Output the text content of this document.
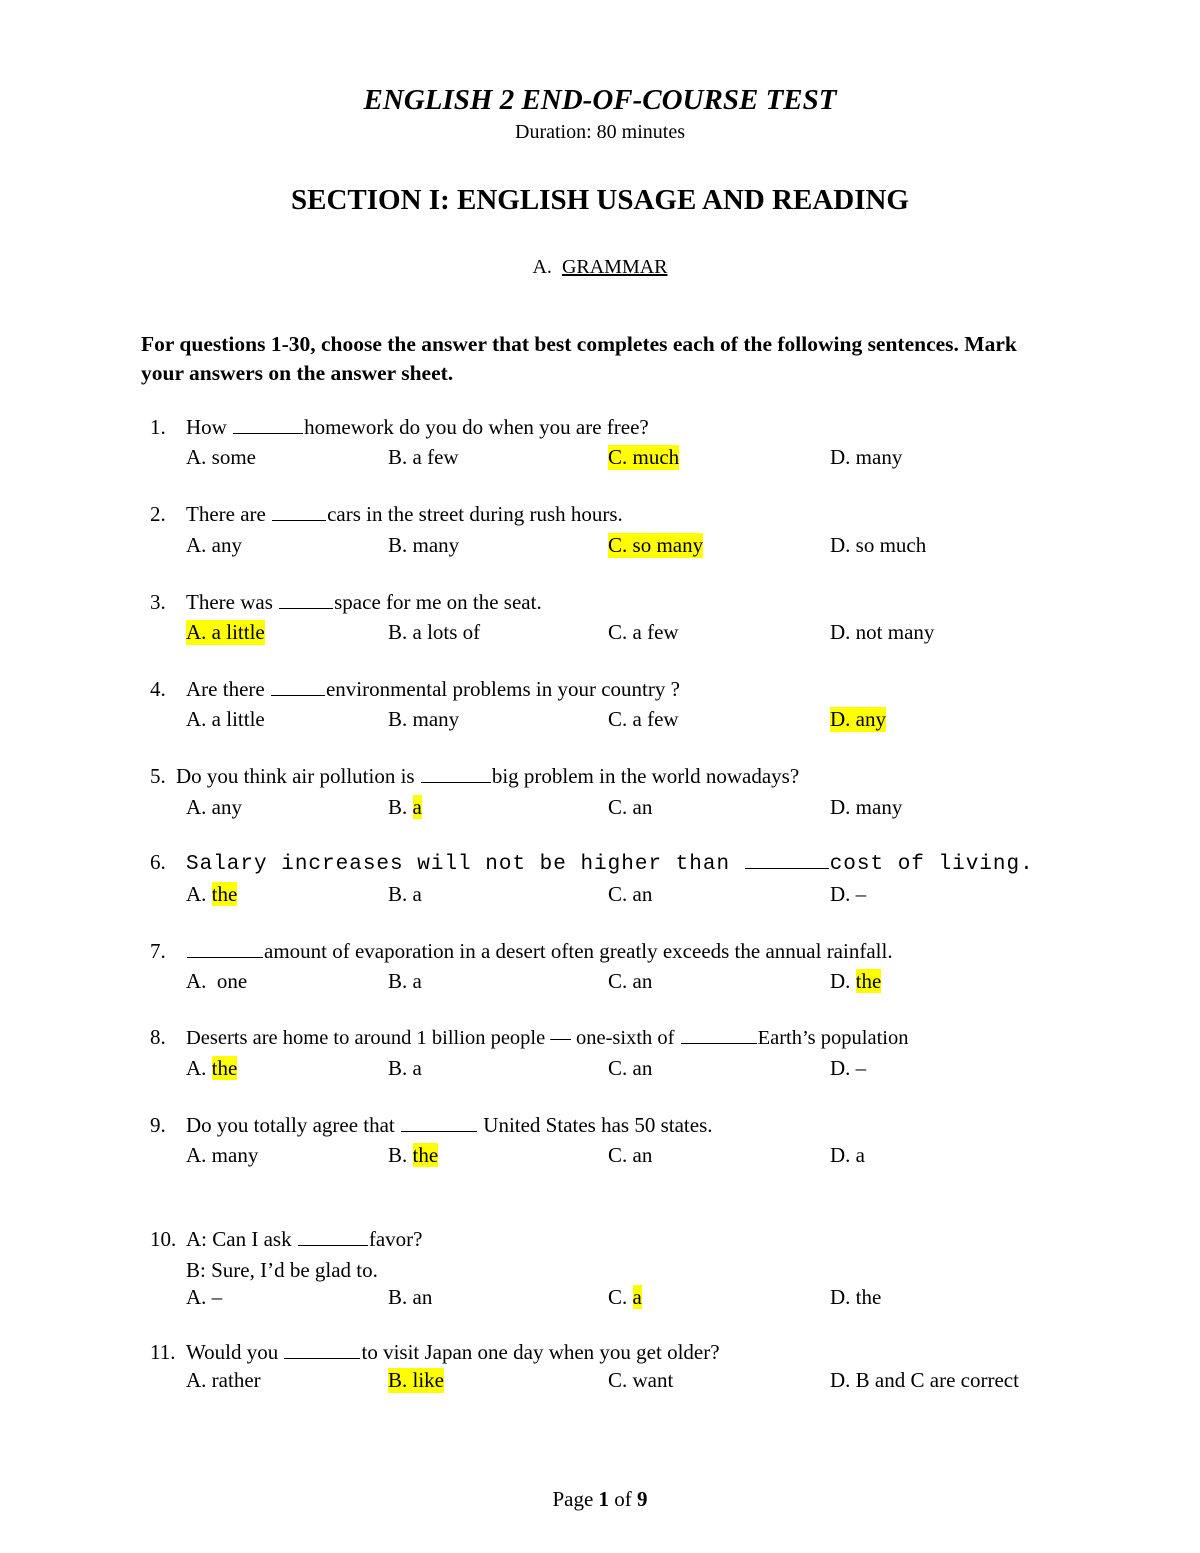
ENGLISH 2 END-OF-COURSE TEST
Duration: 80 minutes
SECTION I: ENGLISH USAGE AND READING
A. GRAMMAR
For questions 1-30, choose the answer that best completes each of the following sentences. Mark your answers on the answer sheet.
1. How	homework do you do when you are free?
A. some	B. a few	C. much	D. many
2. There are	cars in the street during rush hours.
A. any	B. many	C. so many	D. so much
3. There was	space for me on the seat.
A. a little	B. a lots of	C. a few	D. not many
4. Are there	environmental problems in your country ?
A. a little	B. many	C. a few	D. any
5. Do you think air pollution is	big problem in the world nowadays?
A. any	B. a	C. an	D. many
6. Salary increases will not be higher than	cost of living.
A. the	B. a	C. an	D. –
7.	amount of evaporation in a desert often greatly exceeds the annual rainfall.
A. one	B. a	C. an	D. the
8. Deserts are home to around 1 billion people — one-sixth of	Earth’s population
A. the	B. a	C. an	D. –
9. Do you totally agree that	United States has 50 states.
A. many	B. the	C. an	D. a
10. A: Can I ask	favor?
B: Sure, I’d be glad to.
A. –	B. an	C. a	D. the
11. Would you	to visit Japan one day when you get older?
A. rather	B. like	C. want	D. B and C are correct
Page 1 of 9
